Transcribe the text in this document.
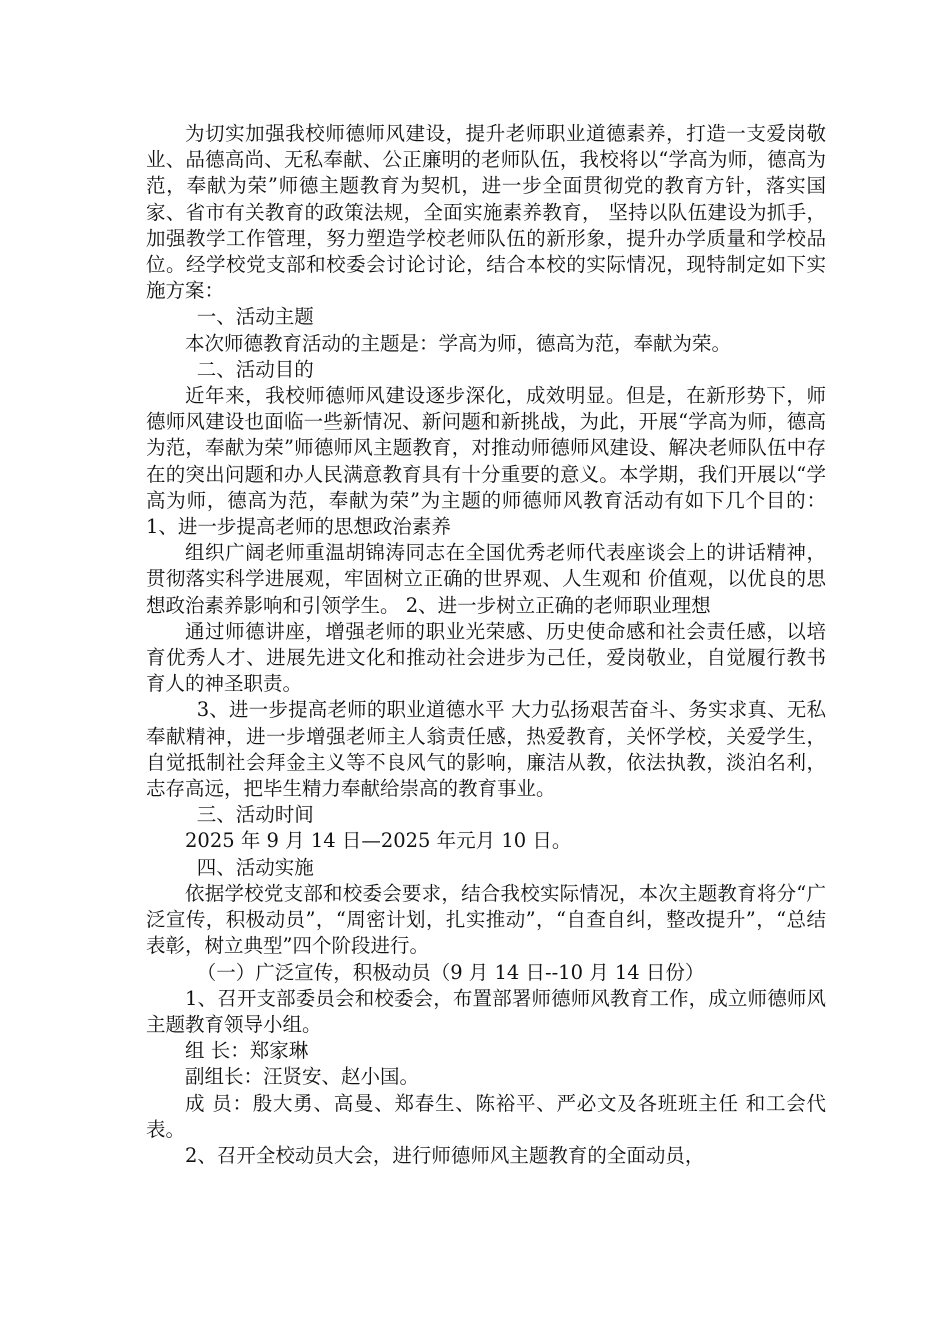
为切实加强我校师德师风建设，提升老师职业道德素养，打造一支爱岗敬业、品德高尚、无私奉献、公正廉明的老师队伍，我校将以“学高为师，德高为范，奉献为荣”师德主题教育为契机，进一步全面贯彻党的教育方针，落实国家、省市有关教育的政策法规，全面实施素养教育， 坚持以队伍建设为抓手，加强教学工作管理，努力塑造学校老师队伍的新形象，提升办学质量和学校品位。经学校党支部和校委会讨论讨论，结合本校的实际情况，现特制定如下实施方案：

一、活动主题

本次师德教育活动的主题是：学高为师，德高为范，奉献为荣。

二、活动目的

近年来，我校师德师风建设逐步深化，成效明显。但是，在新形势下，师德师风建设也面临一些新情况、新问题和新挑战，为此，开展“学高为师，德高为范，奉献为荣”师德师风主题教育，对推动师德师风建设、解决老师队伍中存在的突出问题和办人民满意教育具有十分重要的意义。本学期，我们开展以“学高为师，德高为范，奉献为荣”为主题的师德师风教育活动有如下几个目的： 1、进一步提高老师的思想政治素养

组织广阔老师重温胡锦涛同志在全国优秀老师代表座谈会上的讲话精神，贯彻落实科学进展观，牢固树立正确的世界观、人生观和 价值观，以优良的思想政治素养影响和引领学生。 2、进一步树立正确的老师职业理想

通过师德讲座，增强老师的职业光荣感、历史使命感和社会责任感，以培育优秀人才、进展先进文化和推动社会进步为己任，爱岗敬业，自觉履行教书育人的神圣职责。

3、进一步提高老师的职业道德水平 大力弘扬艰苦奋斗、务实求真、无私奉献精神，进一步增强老师主人翁责任感，热爱教育，关怀学校，关爱学生，自觉抵制社会拜金主义等不良风气的影响，廉洁从教，依法执教，淡泊名利，志存高远，把毕生精力奉献给崇高的教育事业。

三、活动时间

2025 年 9 月 14 日—2025 年元月 10 日。

四、活动实施

依据学校党支部和校委会要求，结合我校实际情况，本次主题教育将分“广泛宣传，积极动员”，“周密计划，扎实推动”，“自查自纠，整改提升”，“总结表彰，树立典型”四个阶段进行。

（一）广泛宣传，积极动员（9 月 14 日--10 月 14 日份）

1、召开支部委员会和校委会，布置部署师德师风教育工作，成立师德师风主题教育领导小组。

组 长：郑家琳

副组长：汪贤安、赵小国。

成 员：殷大勇、高曼、郑春生、陈裕平、严必文及各班班主任 和工会代表。

2、召开全校动员大会，进行师德师风主题教育的全面动员，
